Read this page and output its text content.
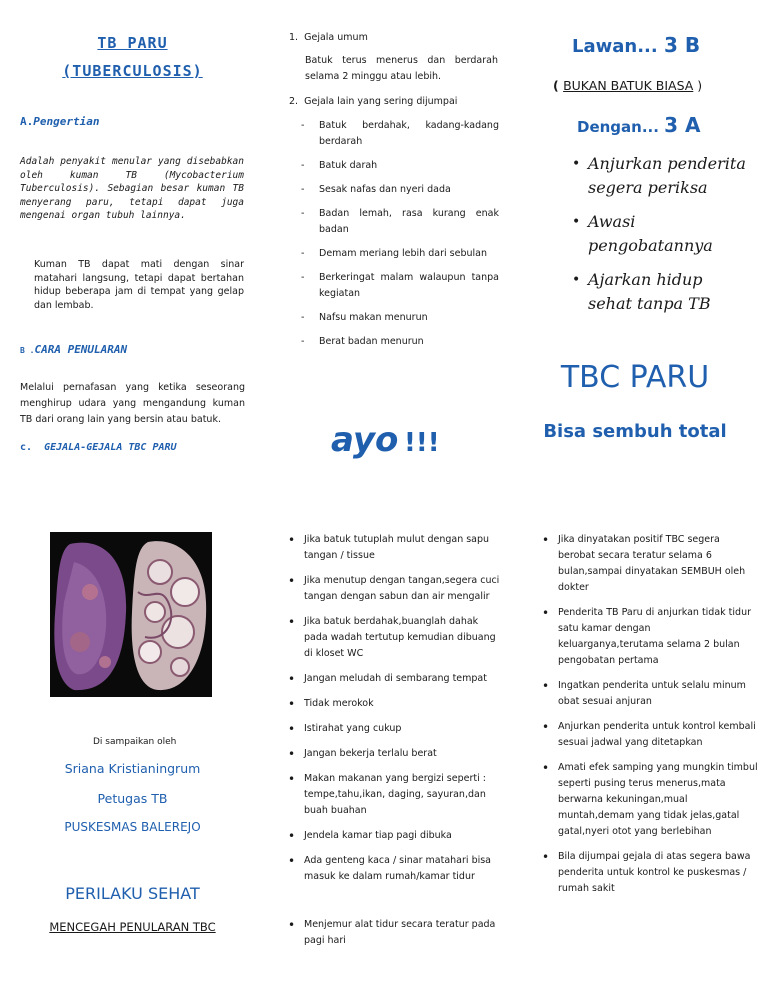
TB PARU
(TUBERCULOSIS)
A.Pengertian
Adalah penyakit menular yang disebabkan oleh kuman TB (Mycobacterium Tuberculosis). Sebagian besar kuman TB menyerang paru, tetapi dapat juga mengenai organ tubuh lainnya.
Kuman TB dapat mati dengan sinar matahari langsung, tetapi dapat bertahan hidup beberapa jam di tempat yang gelap dan lembab.
B .CARA PENULARAN
Melalui pernafasan yang ketika seseorang menghirup udara yang mengandung kuman TB dari orang lain yang bersin atau batuk.
c. GEJALA-GEJALA TBC PARU
Di sampaikan oleh
Sriana Kristianingrum
Petugas TB
PUSKESMAS BALEREJO
PERILAKU SEHAT
MENCEGAH PENULARAN TBC
1. Gejala umum
Batuk terus menerus dan berdarah selama 2 minggu atau lebih.
2. Gejala lain yang sering dijumpai
- Batuk berdahak, kadang-kadang berdarah
- Batuk darah
- Sesak nafas dan nyeri dada
- Badan lemah, rasa kurang enak badan
- Demam meriang lebih dari sebulan
- Berkeringat malam walaupun tanpa kegiatan
- Nafsu makan menurun
- Berat badan menurun
ayo !!!
• Jika batuk tutuplah mulut dengan sapu tangan / tissue
• Jika menutup dengan tangan,segera cuci tangan dengan sabun dan air mengalir
• Jika batuk berdahak,buanglah dahak pada wadah tertutup kemudian dibuang di kloset WC
• Jangan meludah di sembarang tempat
• Tidak merokok
• Istirahat yang cukup
• Jangan bekerja terlalu berat
• Makan makanan yang bergizi seperti : tempe,tahu,ikan, daging, sayuran,dan buah buahan
• Jendela kamar tiap pagi dibuka
• Ada genteng kaca / sinar matahari bisa masuk ke dalam rumah/kamar tidur
• Menjemur alat tidur secara teratur pada pagi hari
Lawan... 3 B
( BUKAN BATUK BIASA )
Dengan... 3 A
• Anjurkan penderita segera periksa
• Awasi pengobatannya
• Ajarkan hidup sehat tanpa TB
TBC PARU
Bisa sembuh total
• Jika dinyatakan positif TBC segera berobat secara teratur selama 6 bulan,sampai dinyatakan SEMBUH oleh dokter
• Penderita TB Paru di anjurkan tidak tidur satu kamar dengan keluarganya,terutama selama 2 bulan pengobatan pertama
• Ingatkan penderita untuk selalu minum obat sesuai anjuran
• Anjurkan penderita untuk kontrol kembali sesuai jadwal yang ditetapkan
• Amati efek samping yang mungkin timbul seperti pusing terus menerus,mata berwarna kekuningan,mual muntah,demam yang tidak jelas,gatal gatal,nyeri otot yang berlebihan
• Bila dijumpai gejala di atas segera bawa penderita untuk kontrol ke puskesmas / rumah sakit
